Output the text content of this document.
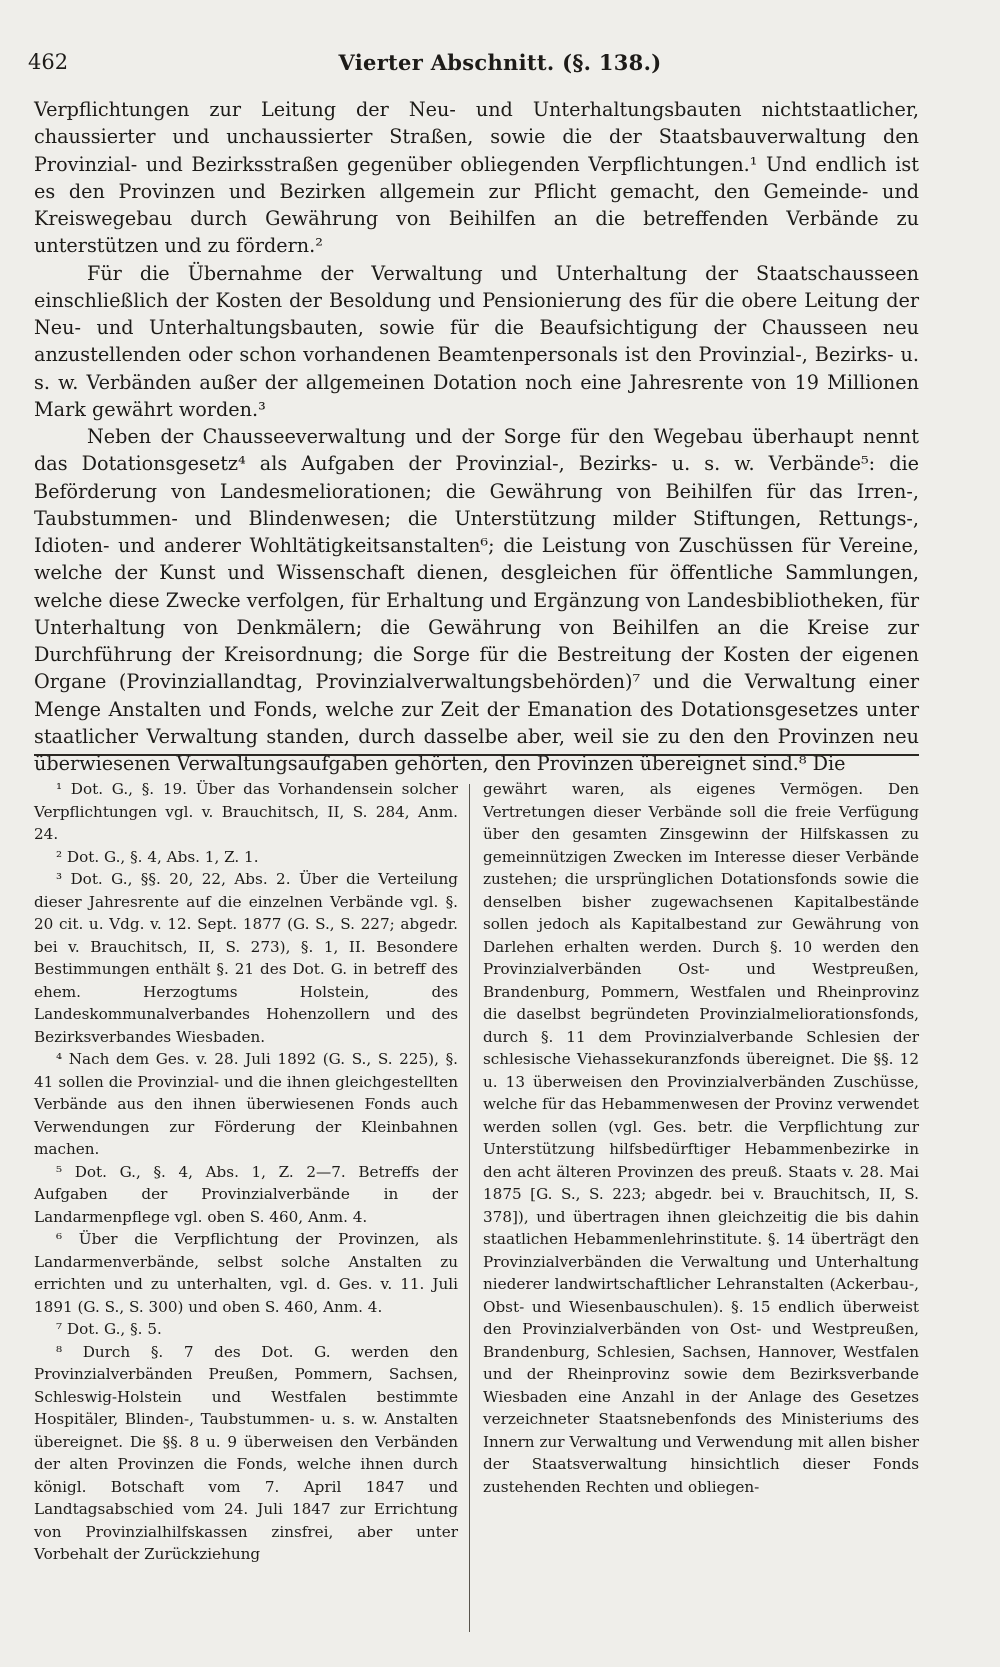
462	Vierter Abschnitt. (§. 138.)

Verpflichtungen zur Leitung der Neu- und Unterhaltungsbauten nichtstaatlicher, chaussierter und unchaussierter Straßen, sowie die der Staatsbauverwaltung den Provinzial- und Bezirksstraßen gegenüber obliegenden Verpflichtungen.¹ Und endlich ist es den Provinzen und Bezirken allgemein zur Pflicht gemacht, den Gemeinde- und Kreiswegebau durch Gewährung von Beihilfen an die betreffenden Verbände zu unterstützen und zu fördern.²

Für die Übernahme der Verwaltung und Unterhaltung der Staatschausseen einschließlich der Kosten der Besoldung und Pensionierung des für die obere Leitung der Neu- und Unterhaltungsbauten, sowie für die Beaufsichtigung der Chausseen neu anzustellenden oder schon vorhandenen Beamtenpersonals ist den Provinzial-, Bezirks- u. s. w. Verbänden außer der allgemeinen Dotation noch eine Jahresrente von 19 Millionen Mark gewährt worden.³

Neben der Chausseeverwaltung und der Sorge für den Wegebau überhaupt nennt das Dotationsgesetz⁴ als Aufgaben der Provinzial-, Bezirks- u. s. w. Verbände⁵: die Beförderung von Landesmeliorationen; die Gewährung von Beihilfen für das Irren-, Taubstummen- und Blindenwesen; die Unterstützung milder Stiftungen, Rettungs-, Idioten- und anderer Wohltätigkeitsanstalten⁶; die Leistung von Zuschüssen für Vereine, welche der Kunst und Wissenschaft dienen, desgleichen für öffentliche Sammlungen, welche diese Zwecke verfolgen, für Erhaltung und Ergänzung von Landesbibliotheken, für Unterhaltung von Denkmälern; die Gewährung von Beihilfen an die Kreise zur Durchführung der Kreisordnung; die Sorge für die Bestreitung der Kosten der eigenen Organe (Provinziallandtag, Provinzialverwaltungsbehörden)⁷ und die Verwaltung einer Menge Anstalten und Fonds, welche zur Zeit der Emanation des Dotationsgesetzes unter staatlicher Verwaltung standen, durch dasselbe aber, weil sie zu den den Provinzen neu überwiesenen Verwaltungsaufgaben gehörten, den Provinzen übereignet sind.⁸ Die

¹ Dot. G., §. 19. Über das Vorhandensein solcher Verpflichtungen vgl. v. Brauchitsch, II, S. 284, Anm. 24.

² Dot. G., §. 4, Abs. 1, Z. 1.

³ Dot. G., §§. 20, 22, Abs. 2. Über die Verteilung dieser Jahresrente auf die einzelnen Verbände vgl. §. 20 cit. u. Vdg. v. 12. Sept. 1877 (G. S., S. 227; abgedr. bei v. Brauchitsch, II, S. 273), §. 1, II. Besondere Bestimmungen enthält §. 21 des Dot. G. in betreff des ehem. Herzogtums Holstein, des Landeskommunalverbandes Hohenzollern und des Bezirksverbandes Wiesbaden.

⁴ Nach dem Ges. v. 28. Juli 1892 (G. S., S. 225), §. 41 sollen die Provinzial- und die ihnen gleichgestellten Verbände aus den ihnen überwiesenen Fonds auch Verwendungen zur Förderung der Kleinbahnen machen.

⁵ Dot. G., §. 4, Abs. 1, Z. 2—7. Betreffs der Aufgaben der Provinzialverbände in der Landarmenpflege vgl. oben S. 460, Anm. 4.

⁶ Über die Verpflichtung der Provinzen, als Landarmenverbände, selbst solche Anstalten zu errichten und zu unterhalten, vgl. d. Ges. v. 11. Juli 1891 (G. S., S. 300) und oben S. 460, Anm. 4.

⁷ Dot. G., §. 5.

⁸ Durch §. 7 des Dot. G. werden den Provinzialverbänden Preußen, Pommern, Sachsen, Schleswig-Holstein und Westfalen bestimmte Hospitäler, Blinden-, Taubstummen- u. s. w. Anstalten übereignet. Die §§. 8 u. 9 überweisen den Verbänden der alten Provinzen die Fonds, welche ihnen durch königl. Botschaft vom 7. April 1847 und Landtagsabschied vom 24. Juli 1847 zur Errichtung von Provinzialhilfskassen zinsfrei, aber unter Vorbehalt der Zurückziehung

gewährt waren, als eigenes Vermögen. Den Vertretungen dieser Verbände soll die freie Verfügung über den gesamten Zinsgewinn der Hilfskassen zu gemeinnützigen Zwecken im Interesse dieser Verbände zustehen; die ursprünglichen Dotationsfonds sowie die denselben bisher zugewachsenen Kapitalbestände sollen jedoch als Kapitalbestand zur Gewährung von Darlehen erhalten werden. Durch §. 10 werden den Provinzialverbänden Ost- und Westpreußen, Brandenburg, Pommern, Westfalen und Rheinprovinz die daselbst begründeten Provinzialmeliorationsfonds, durch §. 11 dem Provinzialverbande Schlesien der schlesische Viehassekuranzfonds übereignet. Die §§. 12 u. 13 überweisen den Provinzialverbänden Zuschüsse, welche für das Hebammenwesen der Provinz verwendet werden sollen (vgl. Ges. betr. die Verpflichtung zur Unterstützung hilfsbedürftiger Hebammenbezirke in den acht älteren Provinzen des preuß. Staats v. 28. Mai 1875 [G. S., S. 223; abgedr. bei v. Brauchitsch, II, S. 378]), und übertragen ihnen gleichzeitig die bis dahin staatlichen Hebammenlehrinstitute. §. 14 überträgt den Provinzialverbänden die Verwaltung und Unterhaltung niederer landwirtschaftlicher Lehranstalten (Ackerbau-, Obst- und Wiesenbauschulen). §. 15 endlich überweist den Provinzialverbänden von Ost- und Westpreußen, Brandenburg, Schlesien, Sachsen, Hannover, Westfalen und der Rheinprovinz sowie dem Bezirksverbande Wiesbaden eine Anzahl in der Anlage des Gesetzes verzeichneter Staatsnebenfonds des Ministeriums des Innern zur Verwaltung und Verwendung mit allen bisher der Staatsverwaltung hinsichtlich dieser Fonds zustehenden Rechten und obliegen-
